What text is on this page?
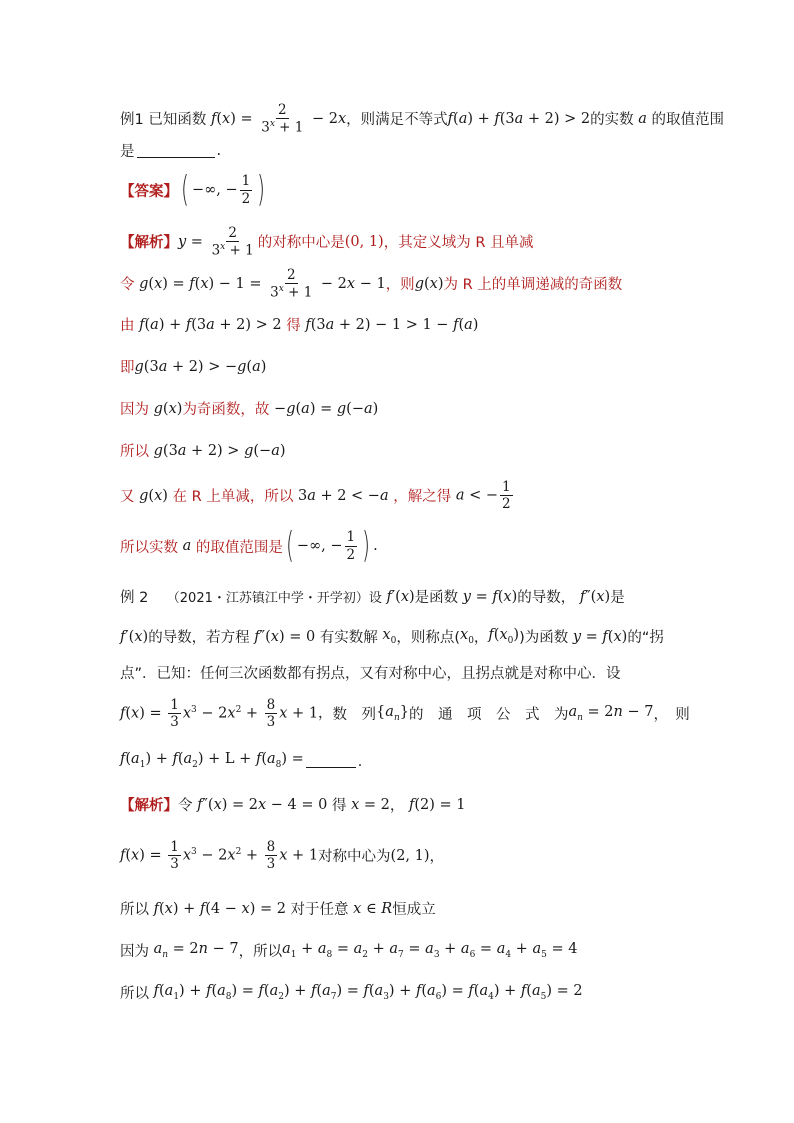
例1
已知函数 $f(x) = \frac{2}{3^x + 1} - 2x$ ，则满足不等式 f(a) + f(3a + 2) > 2 的实数
a
的取值范围
是	.
【答案】 ( −∞, − $\frac{1}{2}$ )
【解析】 $y = \frac{2}{3^x + 1}$ 的对称中心是 (0, 1) ，其定义域为 R 且单减
令 $g(x) = f(x) - 1 = \frac{2}{3^x + 1} - 2x - 1$ ，则 g(x) 为 R 上的单调递减的奇函数
由 f(a) + f(3a + 2) > 2 得 f(3a + 2) − 1 > 1 − f(a)
即 g(3a + 2) > −g(a)
因为 g(x) 为奇函数，故 −g(a) = g(−a)
所以 g(3a + 2) > g(−a)
又 g(x) 在 R 上单减，所以 3a + 2 < −a ，解之得 a < − $\frac{1}{2}$
所以实数 a 的取值范围是 ( −∞, − $\frac{1}{2}$ ) .
例 2
（2021・江苏镇江中学・开学初）设 f′(x) 是函数 y = f(x) 的导数， f″(x) 是
f′(x) 的导数，若方程 f″(x) = 0 有实数解 $x_0$ ，则称点( $x_0$ ， $f(x_0)$ )为函数 y = f(x) 的“拐
点”．已知：任何三次函数都有拐点，又有对称中心，且拐点就是对称中心．设
$f(x) = \frac{1}{3} x^3 - 2x^2 + \frac{8}{3}$ x + 1， 数　列 $\{a_n\}$ 的　通　项　公　式　为 $a_n = 2n - 7$ ，　则
$f(a_1) + f(a_2) + L + f(a_8)$ =	．
【解析】 令 f″(x) = 2x − 4 = 0 得 x = 2 ， f(2) = 1
$f(x) = \frac{1}{3} x^3 - 2x^2 + \frac{8}{3}$ x + 1 对称中心为 (2, 1) ，
所以 f(x) + f(4 − x) = 2 对于任意 x ∈ R 恒成立
因为 $a_n = 2n - 7$ ，所以 $a_1 + a_8 = a_2 + a_7 = a_3 + a_6 = a_4 + a_5 = 4$
所以 $f(a_1) + f(a_8) = f(a_2) + f(a_7) = f(a_3) + f(a_6) = f(a_4) + f(a_5) = 2$
